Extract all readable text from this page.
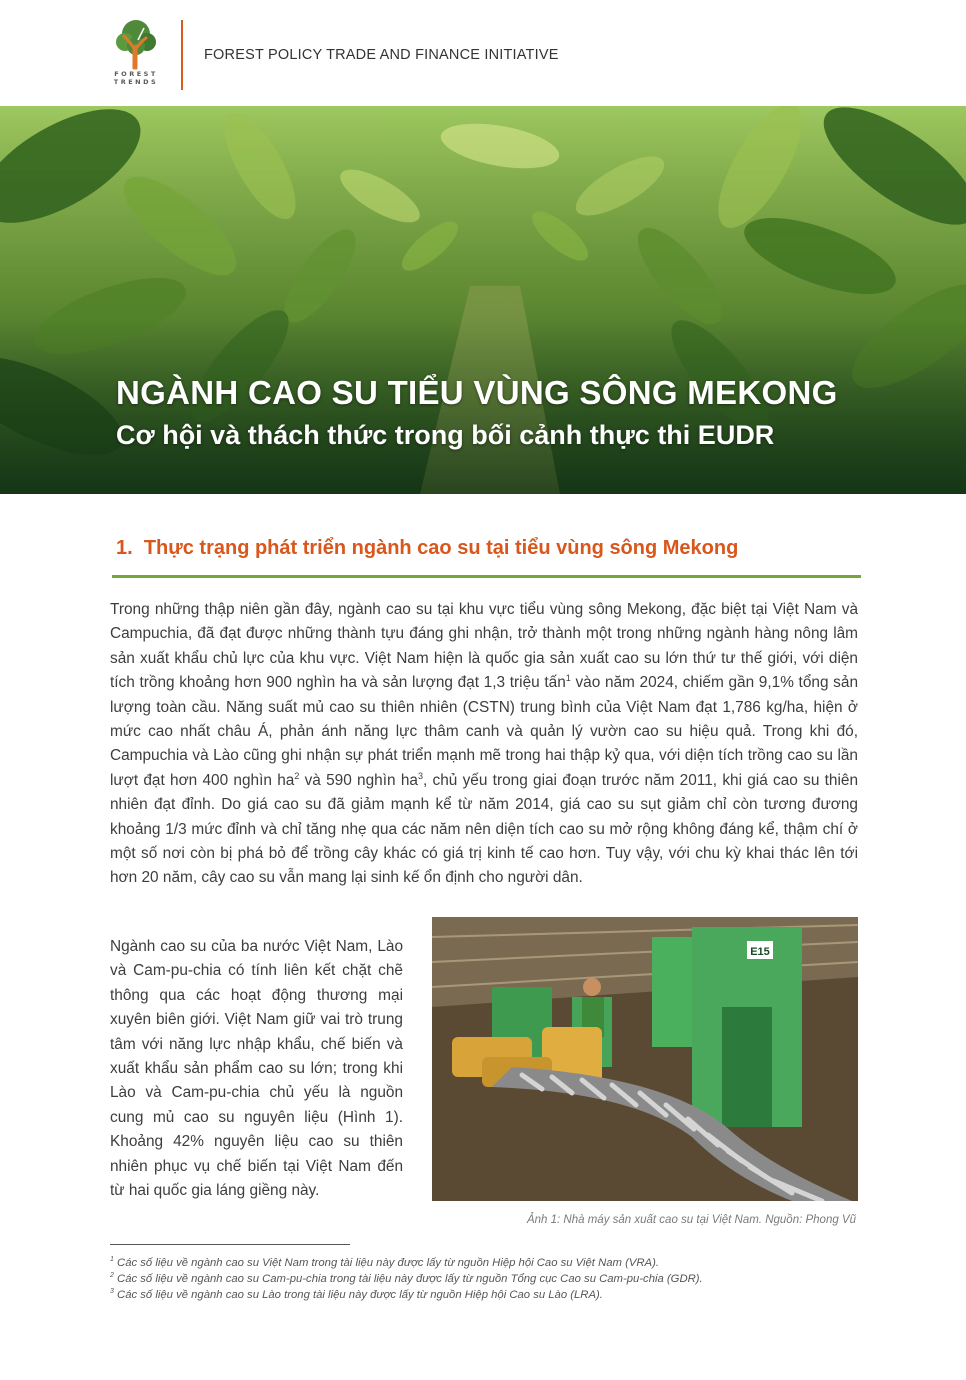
FOREST
TRENDS
FOREST POLICY TRADE AND FINANCE INITIATIVE
NGÀNH CAO SU TIỂU VÙNG SÔNG MEKONG
Cơ hội và thách thức trong bối cảnh thực thi EUDR
1. Thực trạng phát triển ngành cao su tại tiểu vùng sông Mekong
Trong những thập niên gần đây, ngành cao su tại khu vực tiểu vùng sông Mekong, đặc biệt tại Việt Nam và Campuchia, đã đạt được những thành tựu đáng ghi nhận, trở thành một trong những ngành hàng nông lâm sản xuất khẩu chủ lực của khu vực. Việt Nam hiện là quốc gia sản xuất cao su lớn thứ tư thế giới, với diện tích trồng khoảng hơn 900 nghìn ha và sản lượng đạt 1,3 triệu tấn$^1$ vào năm 2024, chiếm gần 9,1% tổng sản lượng toàn cầu. Năng suất mủ cao su thiên nhiên (CSTN) trung bình của Việt Nam đạt 1,786 kg/ha, hiện ở mức cao nhất châu Á, phản ánh năng lực thâm canh và quản lý vườn cao su hiệu quả. Trong khi đó, Campuchia và Lào cũng ghi nhận sự phát triển mạnh mẽ trong hai thập kỷ qua, với diện tích trồng cao su lần lượt đạt hơn 400 nghìn $ha^2$ và 590 nghìn $ha^3$, chủ yếu trong giai đoạn trước năm 2011, khi giá cao su thiên nhiên đạt đỉnh. Do giá cao su đã giảm mạnh kể từ năm 2014, giá cao su sụt giảm chỉ còn tương đương khoảng 1/3 mức đỉnh và chỉ tăng nhẹ qua các năm nên diện tích cao su mở rộng không đáng kể, thậm chí ở một số nơi còn bị phá bỏ để trồng cây khác có giá trị kinh tế cao hơn. Tuy vậy, với chu kỳ khai thác lên tới hơn 20 năm, cây cao su vẫn mang lại sinh kế ổn định cho người dân.
Ngành cao su của ba nước Việt Nam, Lào và Cam-pu-chia có tính liên kết chặt chẽ thông qua các hoạt động thương mại xuyên biên giới. Việt Nam giữ vai trò trung tâm với năng lực nhập khẩu, chế biến và xuất khẩu sản phẩm cao su lớn; trong khi Lào và Cam-pu-chia chủ yếu là nguồn cung mủ cao su nguyên liệu (Hình 1). Khoảng 42% nguyên liệu cao su thiên nhiên phục vụ chế biến tại Việt Nam đến từ hai quốc gia láng giềng này.
E15
Ảnh 1: Nhà máy sản xuất cao su tại Việt Nam. Nguồn: Phong Vũ
$^1$ Các số liệu về ngành cao su Việt Nam trong tài liệu này được lấy từ nguồn Hiệp hội Cao su Việt Nam (VRA).
$^2$ Các số liệu về ngành cao su Cam-pu-chia trong tài liệu này được lấy từ nguồn Tổng cục Cao su Cam-pu-chia (GDR).
$^3$ Các số liệu về ngành cao su Lào trong tài liệu này được lấy từ nguồn Hiệp hội Cao su Lào (LRA).
